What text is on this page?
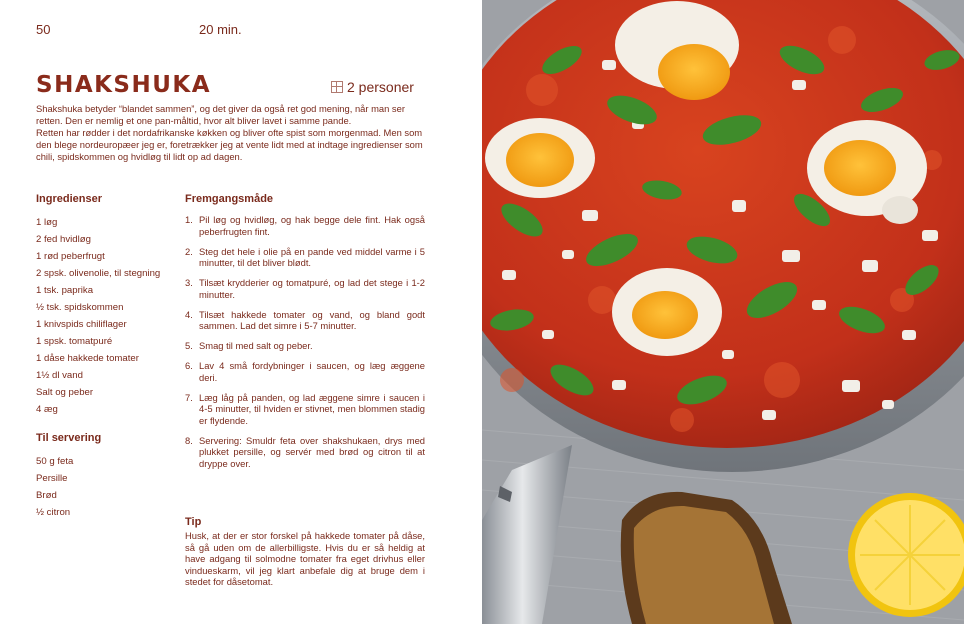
50	20 min.
SHAKSHUKA	2 personer

Shakshuka betyder “blandet sammen”, og det giver da også ret god mening, når man ser retten. Den er nemlig et one pan-måltid, hvor alt bliver lavet i samme pande.

Retten har rødder i det nordafrikanske køkken og bliver ofte spist som morgenmad. Men som den blege nordeuropæer jeg er, foretrækker jeg at vente lidt med at indtage ingredienser som chili, spidskommen og hvidløg til lidt op ad dagen.

Ingredienser
1 løg
2 fed hvidløg
1 rød peberfrugt
2 spsk. olivenolie, til stegning
1 tsk. paprika
½ tsk. spidskommen
1 knivspids chiliflager
1 spsk. tomatpuré
1 dåse hakkede tomater
1½ dl vand
Salt og peber
4 æg
Til servering
50 g feta
Persille
Brød
½ citron
Fremgangsmåde
1. Pil løg og hvidløg, og hak begge dele fint. Hak også peberfrugten fint.
2. Steg det hele i olie på en pande ved middel varme i 5 minutter, til det bliver blødt.
3. Tilsæt krydderier og tomatpuré, og lad det stege i 1-2 minutter.
4. Tilsæt hakkede tomater og vand, og bland godt sammen. Lad det simre i 5-7 minutter.
5. Smag til med salt og peber.
6. Lav 4 små fordybninger i saucen, og læg æggene deri.
7. Læg låg på panden, og lad æggene simre i saucen i 4-5 minutter, til hviden er stivnet, men blommen stadig er flydende.
8. Servering: Smuldr feta over shakshukaen, drys med plukket persille, og servér med brød og citron til at dryppe over.
Tip

Husk, at der er stor forskel på hakkede tomater på dåse, så gå uden om de allerbilligste. Hvis du er så heldig at have adgang til solmodne tomater fra eget drivhus eller vindueskarm, vil jeg klart anbefale dig at bruge dem i stedet for dåsetomat.
